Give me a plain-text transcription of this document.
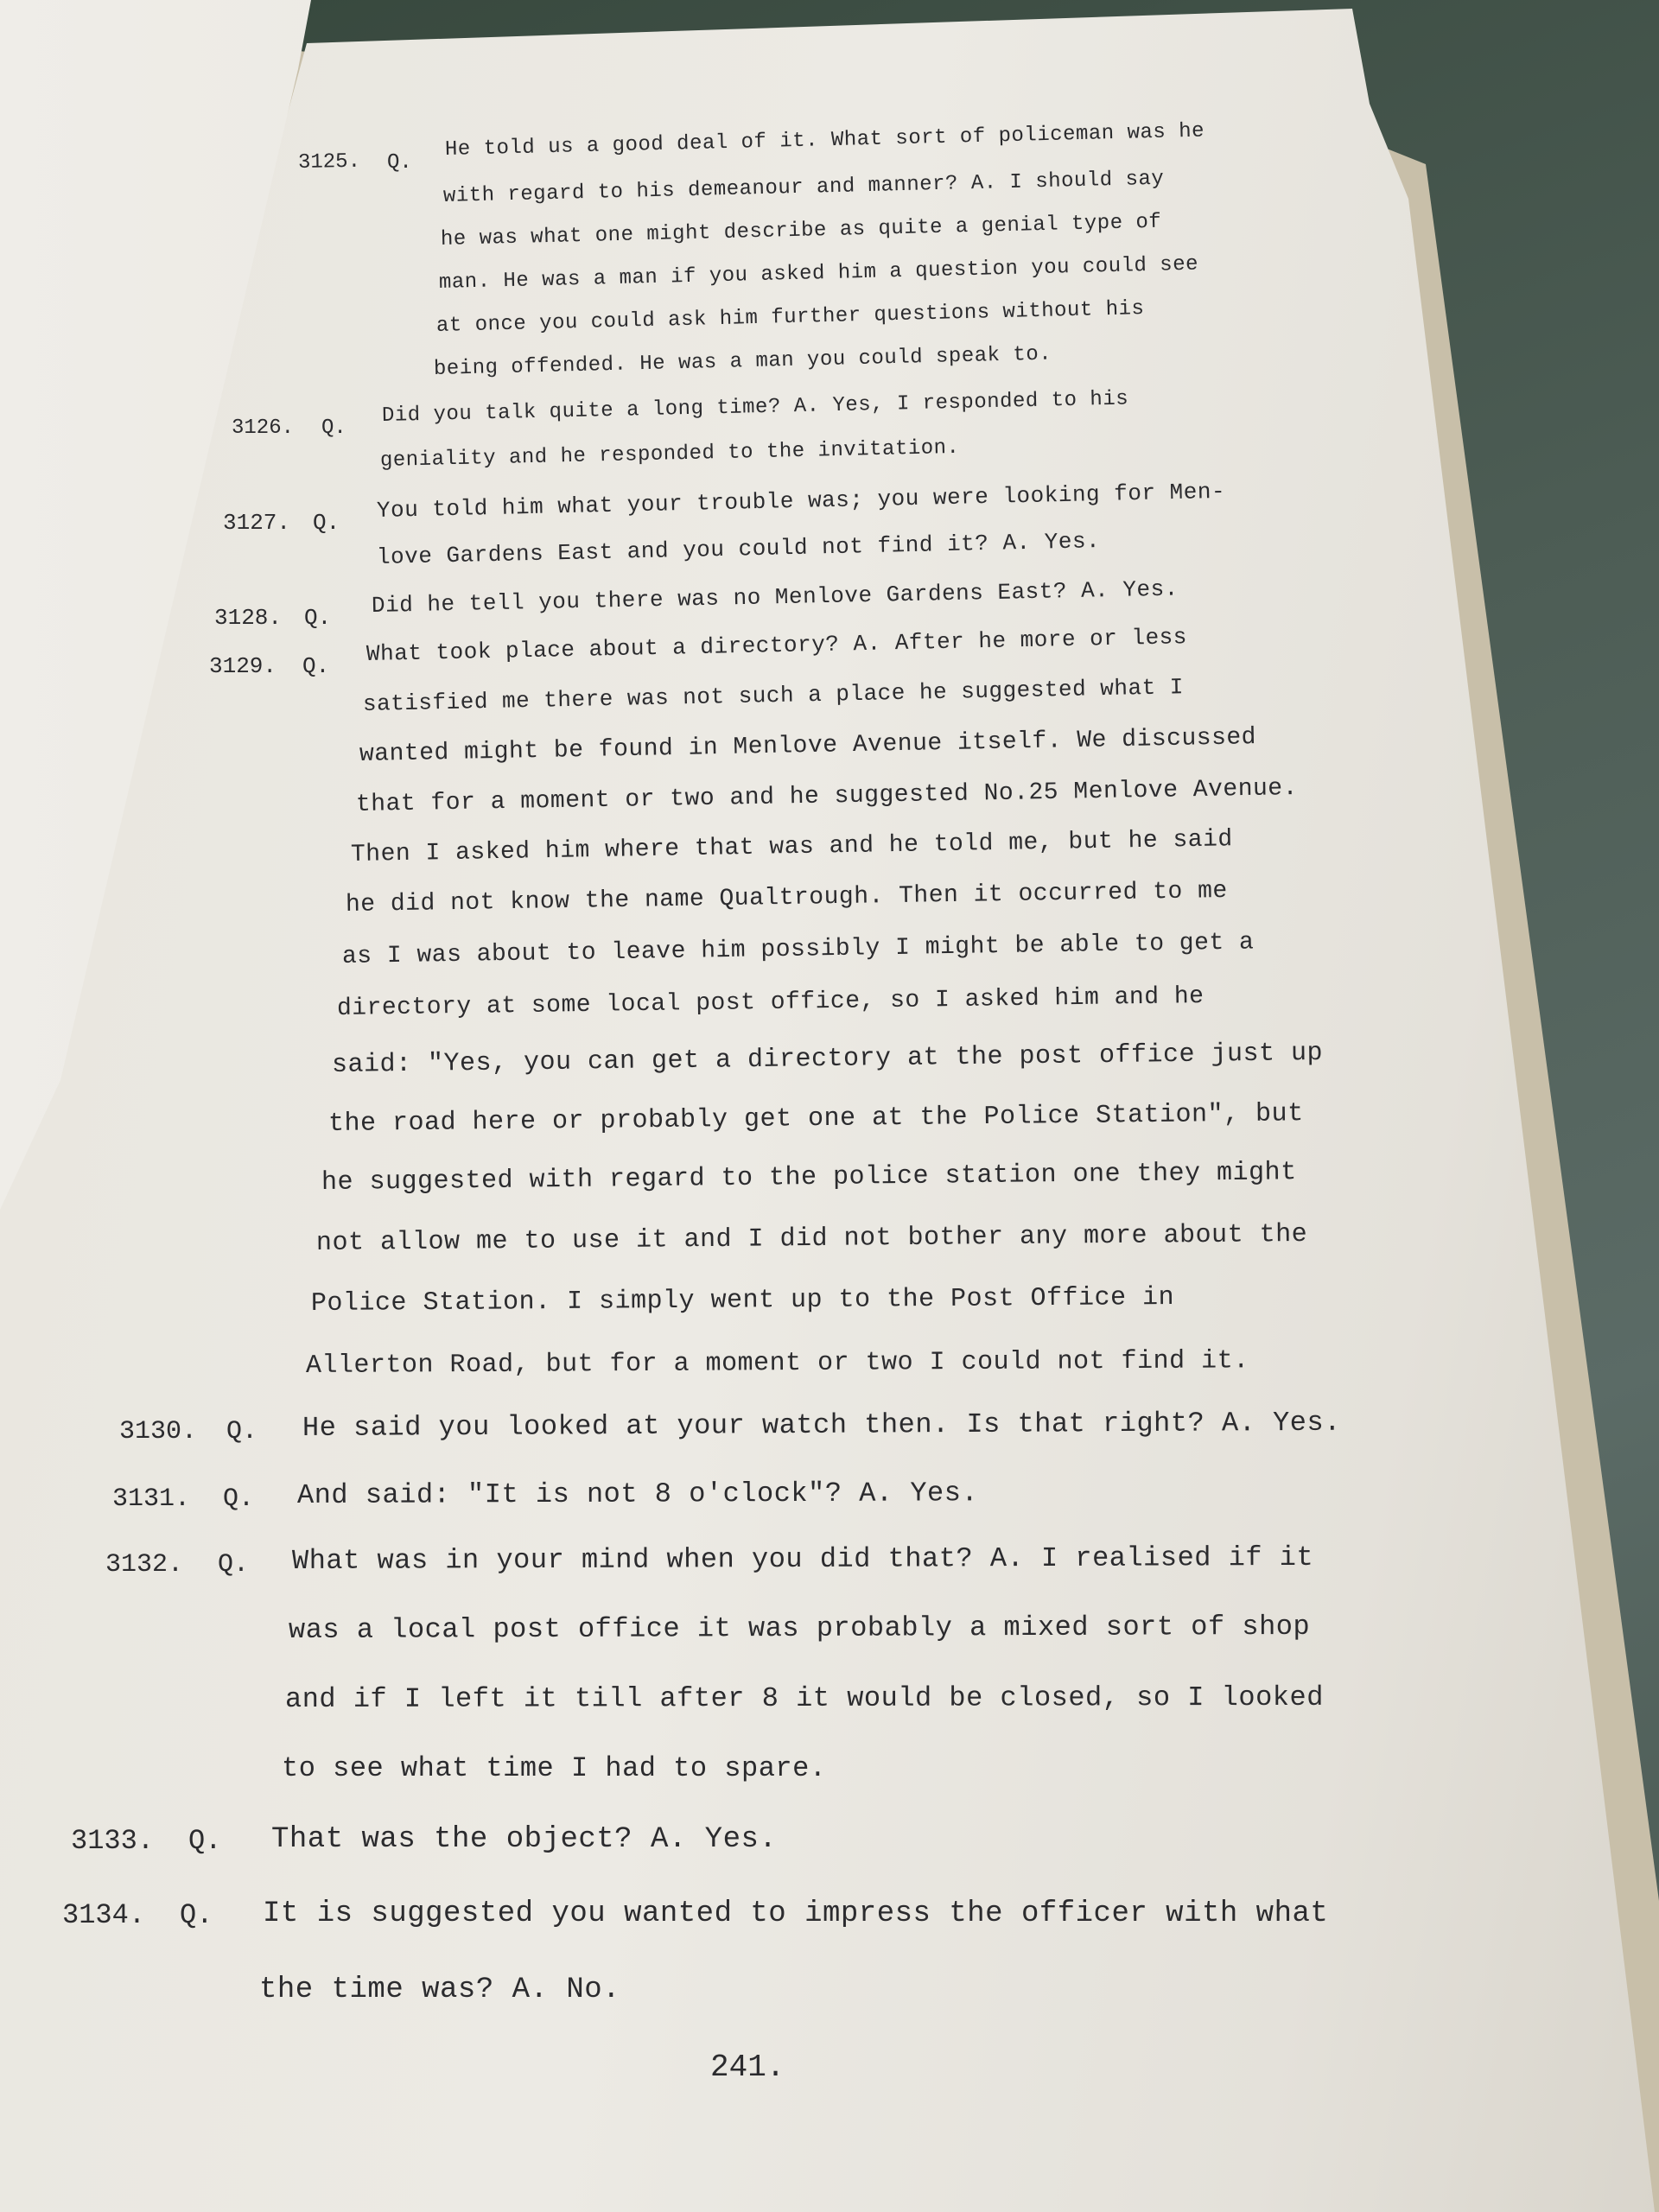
3125. Q.
He told us a good deal of it. What sort of policeman was he
with regard to his demeanour and manner? A. I should say
he was what one might describe as quite a genial type of
man. He was a man if you asked him a question you could see
at once you could ask him further questions without his
being offended. He was a man you could speak to.
3126. Q.
Did you talk quite a long time? A. Yes, I responded to his
geniality and he responded to the invitation.
3127. Q. You told him what your trouble was; you were looking for Men-
love Gardens East and you could not find it? A. Yes.
3128. Q. Did he tell you there was no Menlove Gardens East? A. Yes.
3129. Q. What took place about a directory? A. After he more or less
satisfied me there was not such a place he suggested what I
wanted might be found in Menlove Avenue itself. We discussed
that for a moment or two and he suggested No.25 Menlove Avenue.
Then I asked him where that was and he told me, but he said
he did not know the name Qualtrough. Then it occurred to me
as I was about to leave him possibly I might be able to get a
directory at some local post office, so I asked him and he
said: "Yes, you can get a directory at the post office just up
the road here or probably get one at the Police Station", but
he suggested with regard to the police station one they might
not allow me to use it and I did not bother any more about the
Police Station. I simply went up to the Post Office in
Allerton Road, but for a moment or two I could not find it.
3130. Q. He said you looked at your watch then. Is that right? A. Yes.
3131. Q. And said: "It is not 8 o'clock"? A. Yes.
3132. Q. What was in your mind when you did that? A. I realised if it
was a local post office it was probably a mixed sort of shop
and if I left it till after 8 it would be closed, so I looked
to see what time I had to spare.
3133. Q. That was the object? A. Yes.
3134. Q. It is suggested you wanted to impress the officer with what
the time was? A. No.
241.
